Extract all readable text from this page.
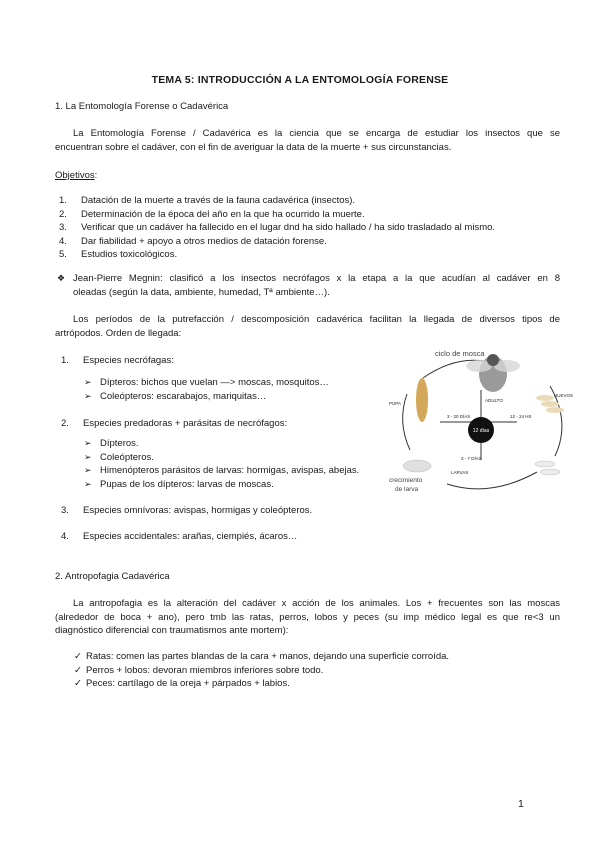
TEMA 5: INTRODUCCIÓN A LA ENTOMOLOGÍA FORENSE
1. La Entomología Forense o Cadavérica
La Entomología Forense / Cadavérica es la ciencia que se encarga de estudiar los insectos que se
encuentran sobre el cadáver, con el fin de averiguar la data de la muerte + sus circunstancias.
Objetivos:
1. Datación de la muerte a través de la fauna cadavérica (insectos).
2. Determinación de la época del año en la que ha ocurrido la muerte.
3. Verificar que un cadáver ha fallecido en el lugar dnd ha sido hallado / ha sido trasladado al mismo.
4. Dar fiabilidad + apoyo a otros medios de datación forense.
5. Estudios toxicológicos.
❖ Jean-Pierre Megnin: clasificó a los insectos necrófagos x la etapa a la que acudían al cadáver en 8
oleadas (según la data, ambiente, humedad, Tª ambiente…).
Los períodos de la putrefacción / descomposición cadavérica facilitan la llegada de diversos tipos de
artrópodos. Orden de llegada:
1. Especies necrófagas:
➢ Dípteros: bichos que vuelan —> moscas, mosquitos…
➢ Coleópteros: escarabajos, mariquitas…
2. Especies predadoras + parásitas de necrófagos:
➢ Dípteros.
➢ Coleópteros.
➢ Himenópteros parásitos de larvas: hormigas, avispas, abejas.
➢ Pupas de los dípteros: larvas de moscas.
3. Especies omnívoras: avispas, hormigas y coleópteros.
4. Especies accidentales: arañas, ciempiés, ácaros…
12 días
ciclo de mosca
ADULTO
PUPA
3 - 20 DÍAS	12 - 24 HS
HUEVOS
3 - 7 DÍAS
LARVAS
crecimiento
de larva
2. Antropofagia Cadavérica
La antropofagia es la alteración del cadáver x acción de los animales. Los + frecuentes son las moscas
(alrededor de boca + ano), pero tmb las ratas, perros, lobos y peces (su imp médico legal es que re<3 un
diagnóstico diferencial con traumatismos ante mortem):
✓ Ratas: comen las partes blandas de la cara + manos, dejando una superficie corroída.
✓ Perros + lobos: devoran miembros inferiores sobre todo.
✓ Peces: cartílago de la oreja + párpados + labios.
1
